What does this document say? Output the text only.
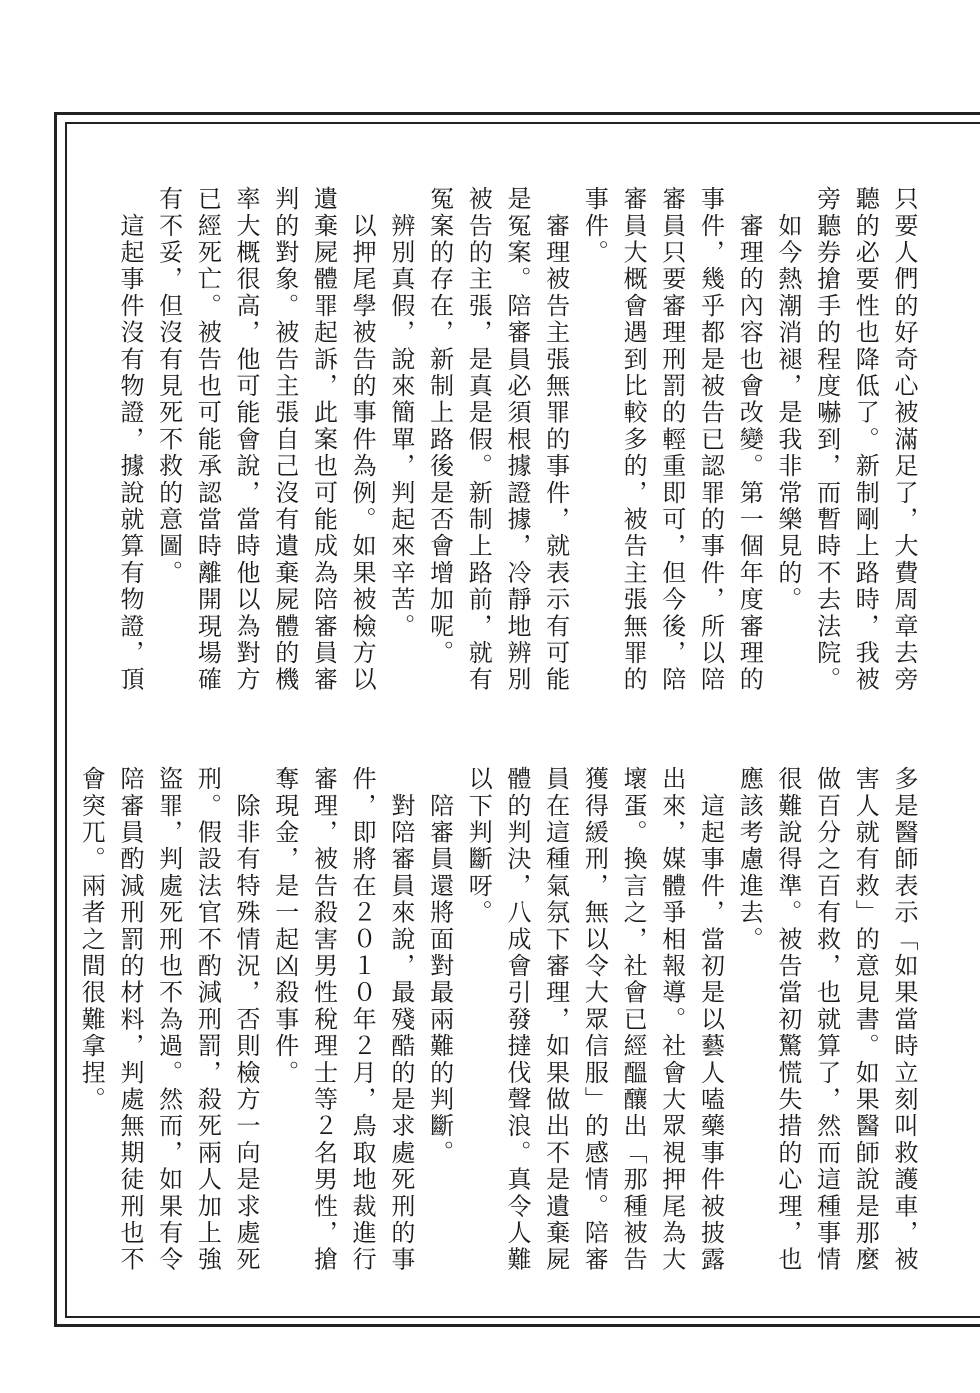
只要人們的好奇心被滿足了，大費周章去旁
聽的必要性也降低了。新制剛上路時，我被
旁聽券搶手的程度嚇到，而暫時不去法院。
　如今熱潮消褪，是我非常樂見的。
　審理的內容也會改變。第一個年度審理的
事件，幾乎都是被告已認罪的事件，所以陪
審員只要審理刑罰的輕重即可，但今後，陪
審員大概會遇到比較多的，被告主張無罪的
事件。
　審理被告主張無罪的事件，就表示有可能
是冤案。陪審員必須根據證據，冷靜地辨別
被告的主張，是真是假。新制上路前，就有
冤案的存在，新制上路後是否會增加呢。
　辨別真假，說來簡單，判起來辛苦。
　以押尾學被告的事件為例。如果被檢方以
遺棄屍體罪起訴，此案也可能成為陪審員審
判的對象。被告主張自己沒有遺棄屍體的機
率大概很高，他可能會說，當時他以為對方
已經死亡。被告也可能承認當時離開現場確
有不妥，但沒有見死不救的意圖。
　這起事件沒有物證，據說就算有物證，頂
多是醫師表示「如果當時立刻叫救護車，被
害人就有救」的意見書。如果醫師說是那麼
做百分之百有救，也就算了，然而這種事情
很難說得準。被告當初驚慌失措的心理，也
應該考慮進去。
　這起事件，當初是以藝人嗑藥事件被披露
出來，媒體爭相報導。社會大眾視押尾為大
壞蛋。換言之，社會已經醞釀出「那種被告
獲得緩刑，無以令大眾信服」的感情。陪審
員在這種氣氛下審理，如果做出不是遺棄屍
體的判決，八成會引發撻伐聲浪。真令人難
以下判斷呀。
　陪審員還將面對最兩難的判斷。
　對陪審員來說，最殘酷的是求處死刑的事
件，即將在２０１０年２月，鳥取地裁進行
審理，被告殺害男性稅理士等２名男性，搶
奪現金，是一起凶殺事件。
　除非有特殊情況，否則檢方一向是求處死
刑。假設法官不酌減刑罰，殺死兩人加上強
盜罪，判處死刑也不為過。然而，如果有令
陪審員酌減刑罰的材料，判處無期徒刑也不
會突兀。兩者之間很難拿捏。
